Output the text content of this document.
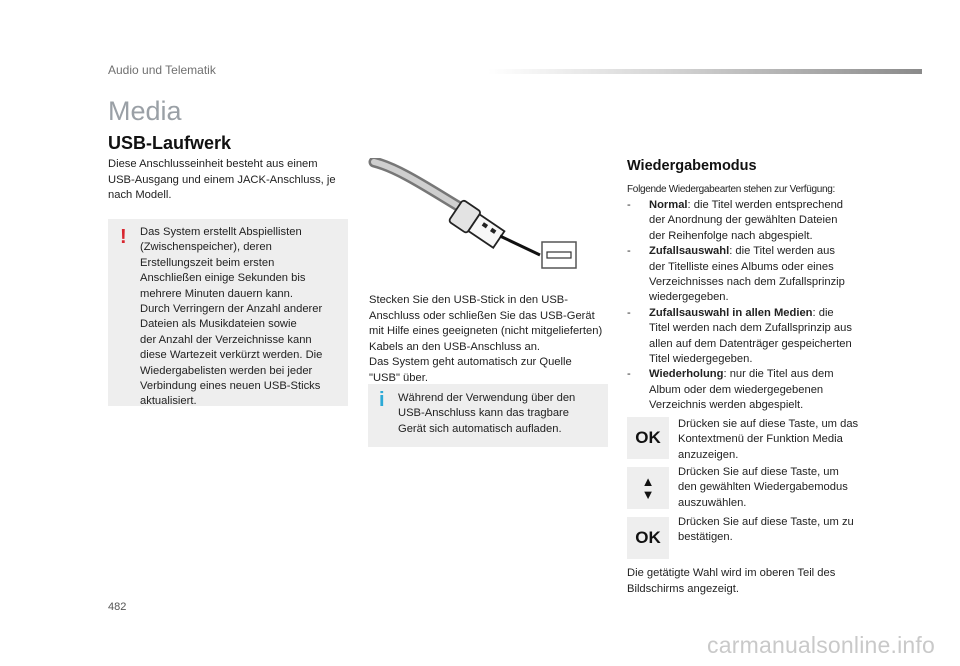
Audio und Telematik
Media
USB-Laufwerk
Diese Anschlusseinheit besteht aus einem
USB-Ausgang und einem JACK-Anschluss, je
nach Modell.
! Das System erstellt Abspiellisten
(Zwischenspeicher), deren
Erstellungszeit beim ersten
Anschließen einige Sekunden bis
mehrere Minuten dauern kann.
Durch Verringern der Anzahl anderer
Dateien als Musikdateien sowie
der Anzahl der Verzeichnisse kann
diese Wartezeit verkürzt werden. Die
Wiedergabelisten werden bei jeder
Verbindung eines neuen USB-Sticks
aktualisiert.
Stecken Sie den USB-Stick in den USB-
Anschluss oder schließen Sie das USB-Gerät
mit Hilfe eines geeigneten (nicht mitgelieferten)
Kabels an den USB-Anschluss an.
Das System geht automatisch zur Quelle
"USB" über.
i Während der Verwendung über den
USB-Anschluss kann das tragbare
Gerät sich automatisch aufladen.
Wiedergabemodus
Folgende Wiedergabearten stehen zur Verfügung:
- Normal: die Titel werden entsprechend
der Anordnung der gewählten Dateien
der Reihenfolge nach abgespielt.
- Zufallsauswahl: die Titel werden aus
der Titelliste eines Albums oder eines
Verzeichnisses nach dem Zufallsprinzip
wiedergegeben.
- Zufallsauswahl in allen Medien: die
Titel werden nach dem Zufallsprinzip aus
allen auf dem Datenträger gespeicherten
Titel wiedergegeben.
- Wiederholung: nur die Titel aus dem
Album oder dem wiedergegebenen
Verzeichnis werden abgespielt.
OK
Drücken sie auf diese Taste, um das
Kontextmenü der Funktion Media
anzuzeigen.
▲
▼
Drücken Sie auf diese Taste, um
den gewählten Wiedergabemodus
auszuwählen.
OK
Drücken Sie auf diese Taste, um zu
bestätigen.
Die getätigte Wahl wird im oberen Teil des
Bildschirms angezeigt.
482
carmanualsonline.info
